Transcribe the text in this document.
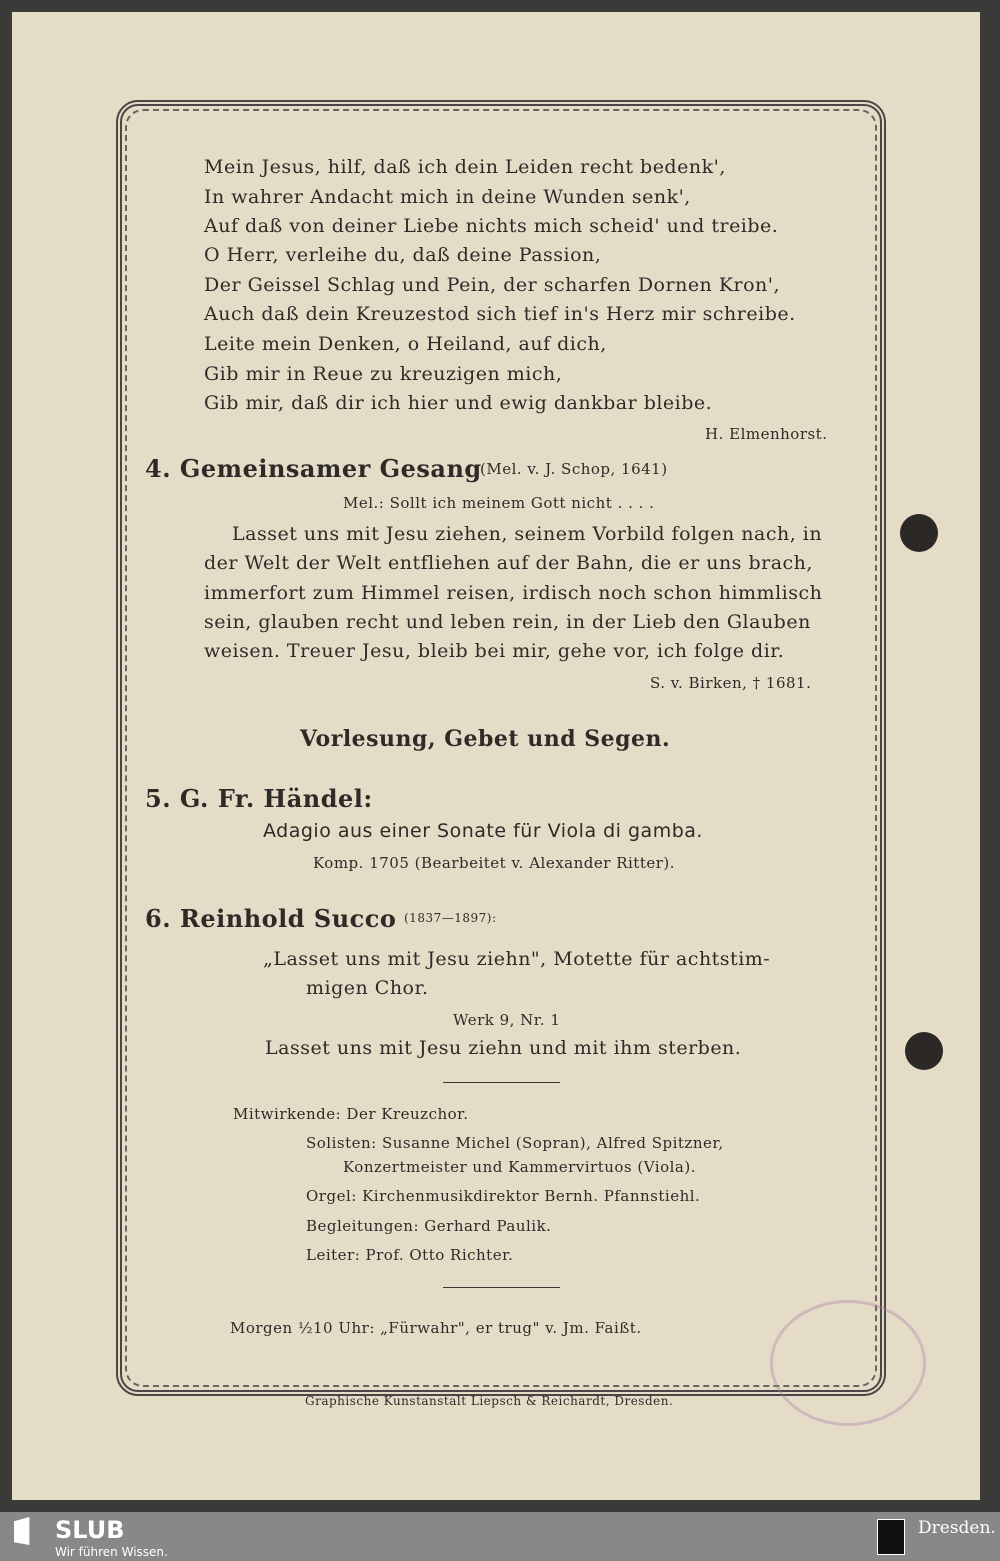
Mein Jesus, hilf, daß ich dein Leiden recht bedenk',
In wahrer Andacht mich in deine Wunden senk',
Auf daß von deiner Liebe nichts mich scheid' und treibe.
O Herr, verleihe du, daß deine Passion,
Der Geissel Schlag und Pein, der scharfen Dornen Kron',
Auch daß dein Kreuzestod sich tief in's Herz mir schreibe.
Leite mein Denken, o Heiland, auf dich,
Gib mir in Reue zu kreuzigen mich,
Gib mir, daß dir ich hier und ewig dankbar bleibe.
H. Elmenhorst.
4. Gemeinsamer Gesang
(Mel. v. J. Schop, 1641)
Mel.: Sollt ich meinem Gott nicht . . . .
Lasset uns mit Jesu ziehen, seinem Vorbild folgen nach, in
der Welt der Welt entfliehen auf der Bahn, die er uns brach,
immerfort zum Himmel reisen, irdisch noch schon himmlisch
sein, glauben recht und leben rein, in der Lieb den Glauben
weisen. Treuer Jesu, bleib bei mir, gehe vor, ich folge dir.
S. v. Birken, † 1681.
Vorlesung, Gebet und Segen.
5. G. Fr. Händel:
Adagio aus einer Sonate für Viola di gamba.
Komp. 1705 (Bearbeitet v. Alexander Ritter).
6. Reinhold Succo (1837—1897):
„Lasset uns mit Jesu ziehn", Motette für achtstim-
migen Chor.
Werk 9, Nr. 1
Lasset uns mit Jesu ziehn und mit ihm sterben.
Mitwirkende: Der Kreuzchor.
Solisten: Susanne Michel (Sopran), Alfred Spitzner,
Konzertmeister und Kammervirtuos (Viola).
Orgel: Kirchenmusikdirektor Bernh. Pfannstiehl.
Begleitungen: Gerhard Paulik.
Leiter: Prof. Otto Richter.
Morgen ½10 Uhr: „Fürwahr", er trug" v. Jm. Faißt.
Graphische Kunstanstalt Liepsch & Reichardt, Dresden.
SLUB
Wir führen Wissen.
Dresden.
